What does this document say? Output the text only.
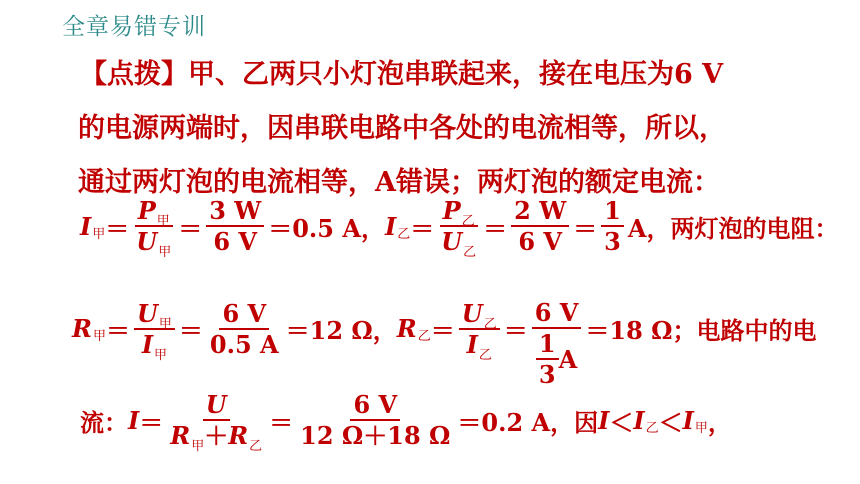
全章易错专训
【点拨】甲、乙两只小灯泡串联起来，接在电压为6 V
的电源两端时，因串联电路中各处的电流相等，所以，
通过两灯泡的电流相等，A错误；两灯泡的额定电流：
I 甲 ＝ $\frac{P_甲}{U_甲} = \frac{3 W}{6 V} =0.5$ A， I 乙 ＝ $\frac{P_乙}{U_乙} = \frac{2 W}{6 V} = \frac{1}{3}$ A，两灯泡的电阻：
R 甲 ＝ $\frac{U_甲}{I_甲} = \frac{6 V}{0.5 A} =12$ Ω， R 乙 ＝ $\frac{U_乙}{I_乙} = \frac{6 V}{\frac{1}{3} A} =18$ Ω；电路中的电
流： $I = \frac{U}{R_甲+R_乙} = \frac{6 V}{12 \Omega+18 \Omega} =0.2$ A，因 I ＜ I 乙 ＜ I 甲 ，
